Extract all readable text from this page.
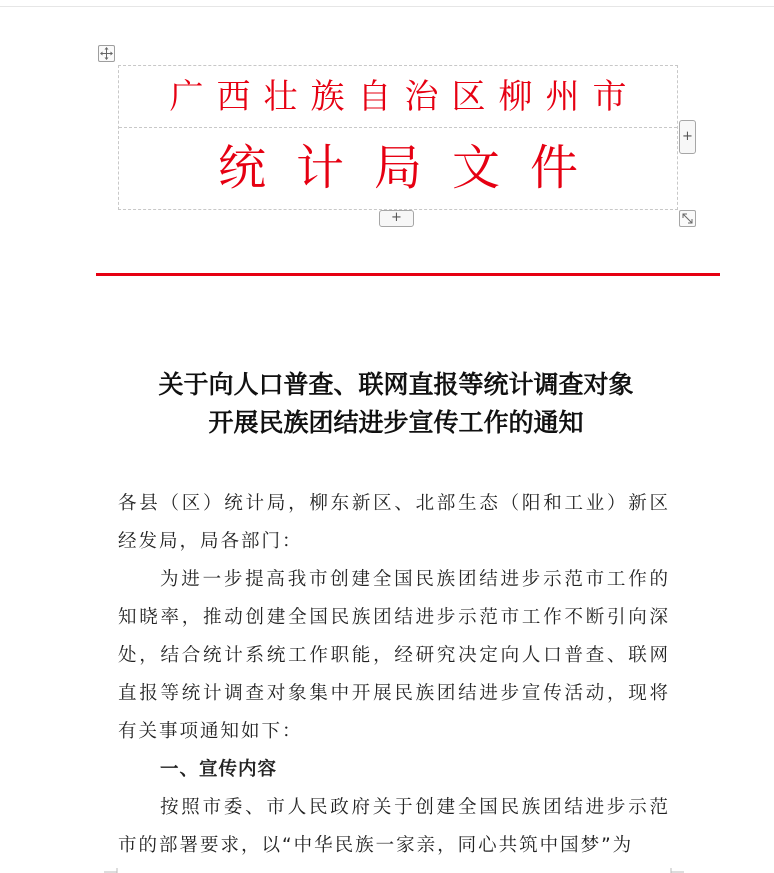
广西壮族自治区柳州市
统计局文件
+
+
关于向人口普查、联网直报等统计调查对象
开展民族团结进步宣传工作的通知

各县（区）统计局，柳东新区、北部生态（阳和工业）新区经发局，局各部门：

为进一步提高我市创建全国民族团结进步示范市工作的知晓率，推动创建全国民族团结进步示范市工作不断引向深处，结合统计系统工作职能，经研究决定向人口普查、联网直报等统计调查对象集中开展民族团结进步宣传活动，现将有关事项通知如下：

一、宣传内容

按照市委、市人民政府关于创建全国民族团结进步示范市的部署要求，以“中华民族一家亲，同心共筑中国梦”为
